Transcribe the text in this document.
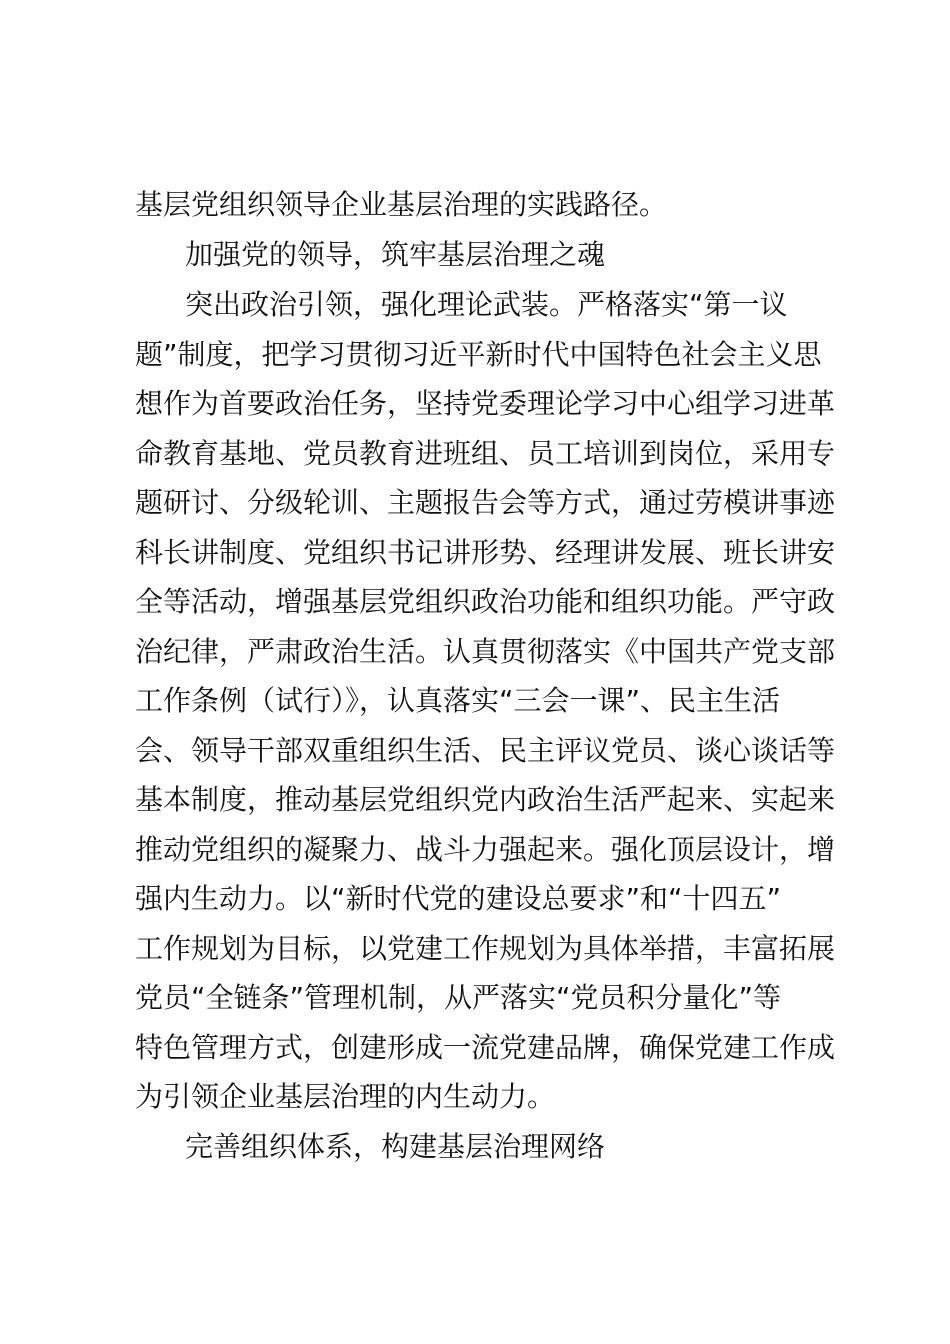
基层党组织领导企业基层治理的实践路径。
加强党的领导，筑牢基层治理之魂
突出政治引领，强化理论武装。严格落实“第一议
题”制度，把学习贯彻习近平新时代中国特色社会主义思
想作为首要政治任务，坚持党委理论学习中心组学习进革
命教育基地、党员教育进班组、员工培训到岗位，采用专
题研讨、分级轮训、主题报告会等方式，通过劳模讲事迹
科长讲制度、党组织书记讲形势、经理讲发展、班长讲安
全等活动，增强基层党组织政治功能和组织功能。严守政
治纪律，严肃政治生活。认真贯彻落实《中国共产党支部
工作条例（试行）》，认真落实“三会一课”、民主生活
会、领导干部双重组织生活、民主评议党员、谈心谈话等
基本制度，推动基层党组织党内政治生活严起来、实起来
推动党组织的凝聚力、战斗力强起来。强化顶层设计，增
强内生动力。以“新时代党的建设总要求”和“十四五”
工作规划为目标，以党建工作规划为具体举措，丰富拓展
党员“全链条”管理机制，从严落实“党员积分量化”等
特色管理方式，创建形成一流党建品牌，确保党建工作成
为引领企业基层治理的内生动力。
完善组织体系，构建基层治理网络
